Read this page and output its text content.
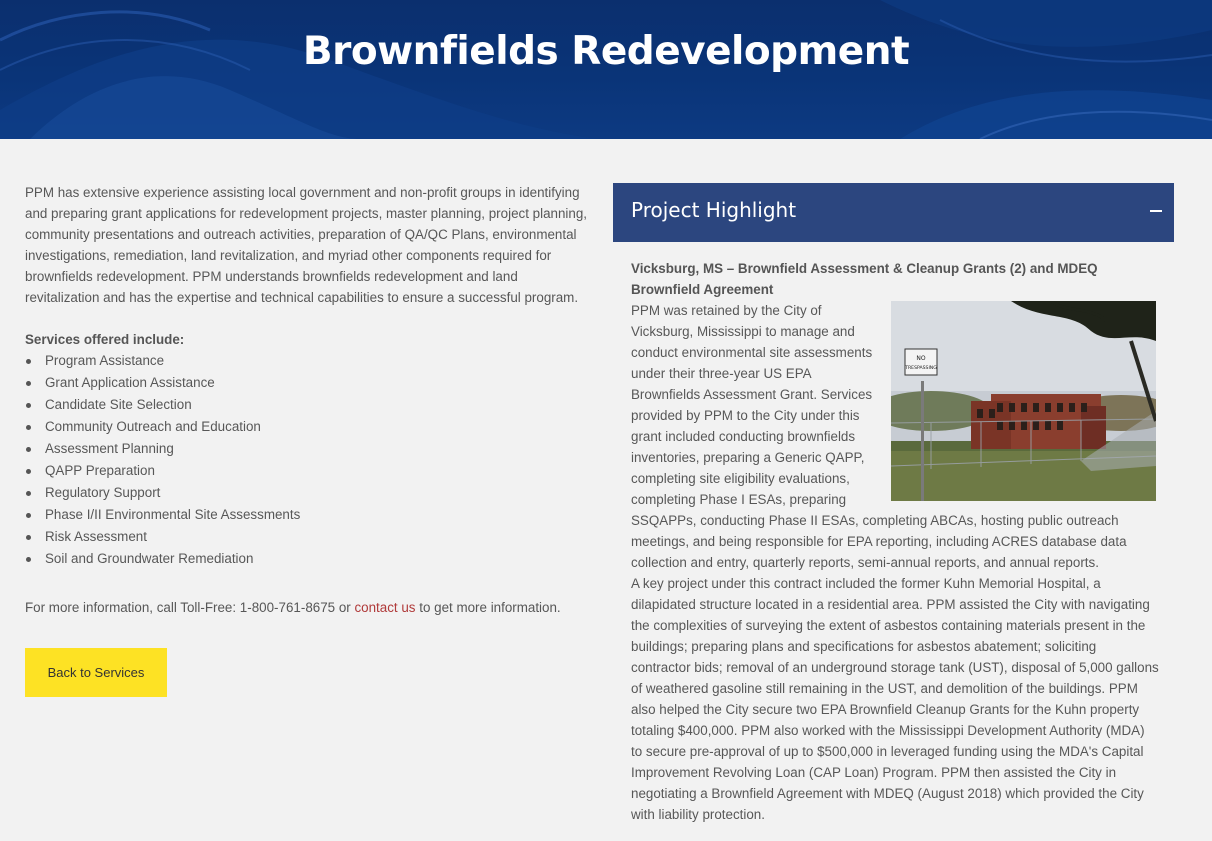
Brownfields Redevelopment

PPM has extensive experience assisting local government and non-profit groups in identifying and preparing grant applications for redevelopment projects, master planning, project planning, community presentations and outreach activities, preparation of QA/QC Plans, environmental investigations, remediation, land revitalization, and myriad other components required for brownfields redevelopment. PPM understands brownfields redevelopment and land revitalization and has the expertise and technical capabilities to ensure a successful program.

Services offered include:

Program Assistance
Grant Application Assistance
Candidate Site Selection
Community Outreach and Education
Assessment Planning
QAPP Preparation
Regulatory Support
Phase I/II Environmental Site Assessments
Risk Assessment
Soil and Groundwater Remediation

For more information, call Toll-Free: 1-800-761-8675 or contact us to get more information.

Back to Services
Project Highlight
Vicksburg, MS – Brownfield Assessment & Cleanup Grants (2) and MDEQ Brownfield Agreement
NO
TRESPASSING

PPM was retained by the City of Vicksburg, Mississippi to manage and conduct environmental site assessments under their three-year US EPA Brownfields Assessment Grant. Services provided by PPM to the City under this grant included conducting brownfields inventories, preparing a Generic QAPP, completing site eligibility evaluations, completing Phase I ESAs, preparing SSQAPPs, conducting Phase II ESAs, completing ABCAs, hosting public outreach meetings, and being responsible for EPA reporting, including ACRES database data collection and entry, quarterly reports, semi-annual reports, and annual reports.

A key project under this contract included the former Kuhn Memorial Hospital, a dilapidated structure located in a residential area. PPM assisted the City with navigating the complexities of surveying the extent of asbestos containing materials present in the buildings; preparing plans and specifications for asbestos abatement; soliciting contractor bids; removal of an underground storage tank (UST), disposal of 5,000 gallons of weathered gasoline still remaining in the UST, and demolition of the buildings. PPM also helped the City secure two EPA Brownfield Cleanup Grants for the Kuhn property totaling $400,000. PPM also worked with the Mississippi Development Authority (MDA) to secure pre-approval of up to $500,000 in leveraged funding using the MDA's Capital Improvement Revolving Loan (CAP Loan) Program. PPM then assisted the City in negotiating a Brownfield Agreement with MDEQ (August 2018) which provided the City with liability protection.
